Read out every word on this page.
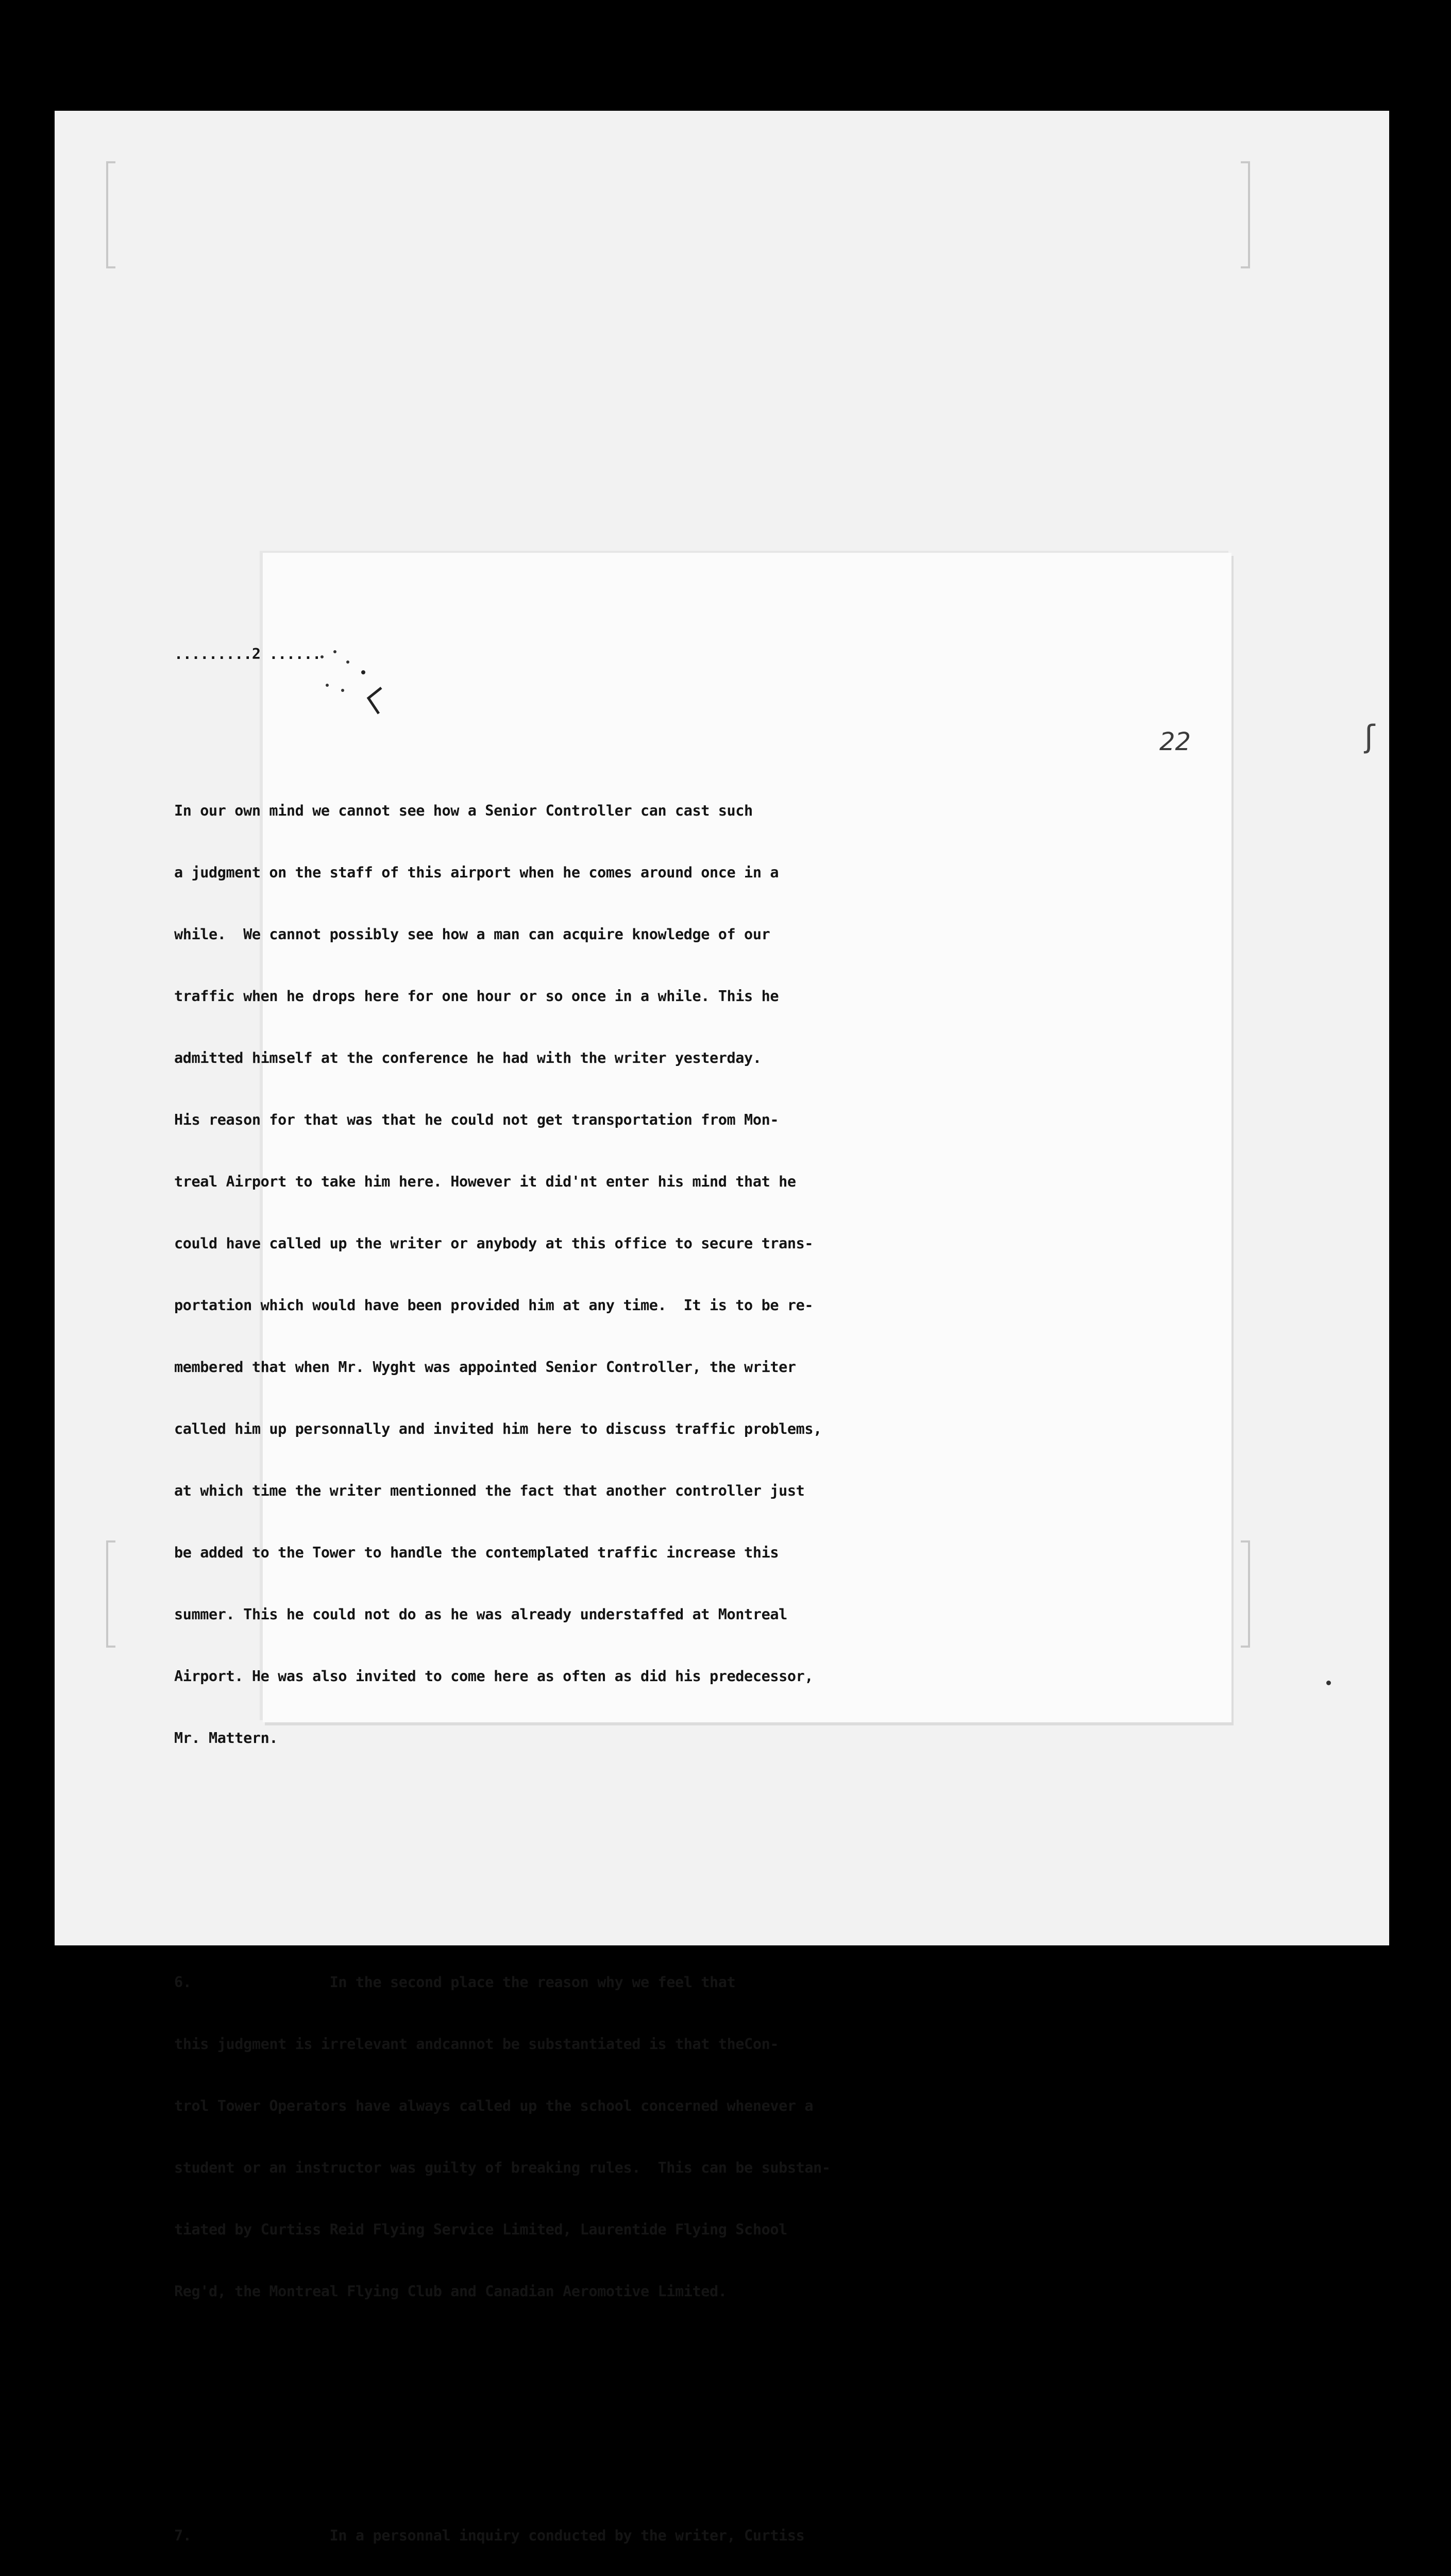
.........2 ......

In our own mind we cannot see how a Senior Controller can cast such

a judgment on the staff of this airport when he comes around once in a

while.  We cannot possibly see how a man can acquire knowledge of our

traffic when he drops here for one hour or so once in a while. This he

admitted himself at the conference he had with the writer yesterday.

His reason for that was that he could not get transportation from Mon-

treal Airport to take him here. However it did'nt enter his mind that he

could have called up the writer or anybody at this office to secure trans-

portation which would have been provided him at any time.  It is to be re-

membered that when Mr. Wyght was appointed Senior Controller, the writer

called him up personnally and invited him here to discuss traffic problems,

at which time the writer mentionned the fact that another controller just

be added to the Tower to handle the contemplated traffic increase this

summer. This he could not do as he was already understaffed at Montreal

Airport. He was also invited to come here as often as did his predecessor,

Mr. Mattern.

6.                In the second place the reason why we feel that

this judgment is irrelevant andcannot be substantiated is that theCon-

trol Tower Operators have always called up the school concerned whenever a

student or an instructor was guilty of breaking rules.  This can be substan-

tiated by Curtiss Reid Flying Service Limited, Laurentide Flying School

Reg'd, the Montreal Flying Club and Canadian Aeromotive Limited.

7.                In a personnal inquiry conducted by the writer, Curtiss

22	ʃ
